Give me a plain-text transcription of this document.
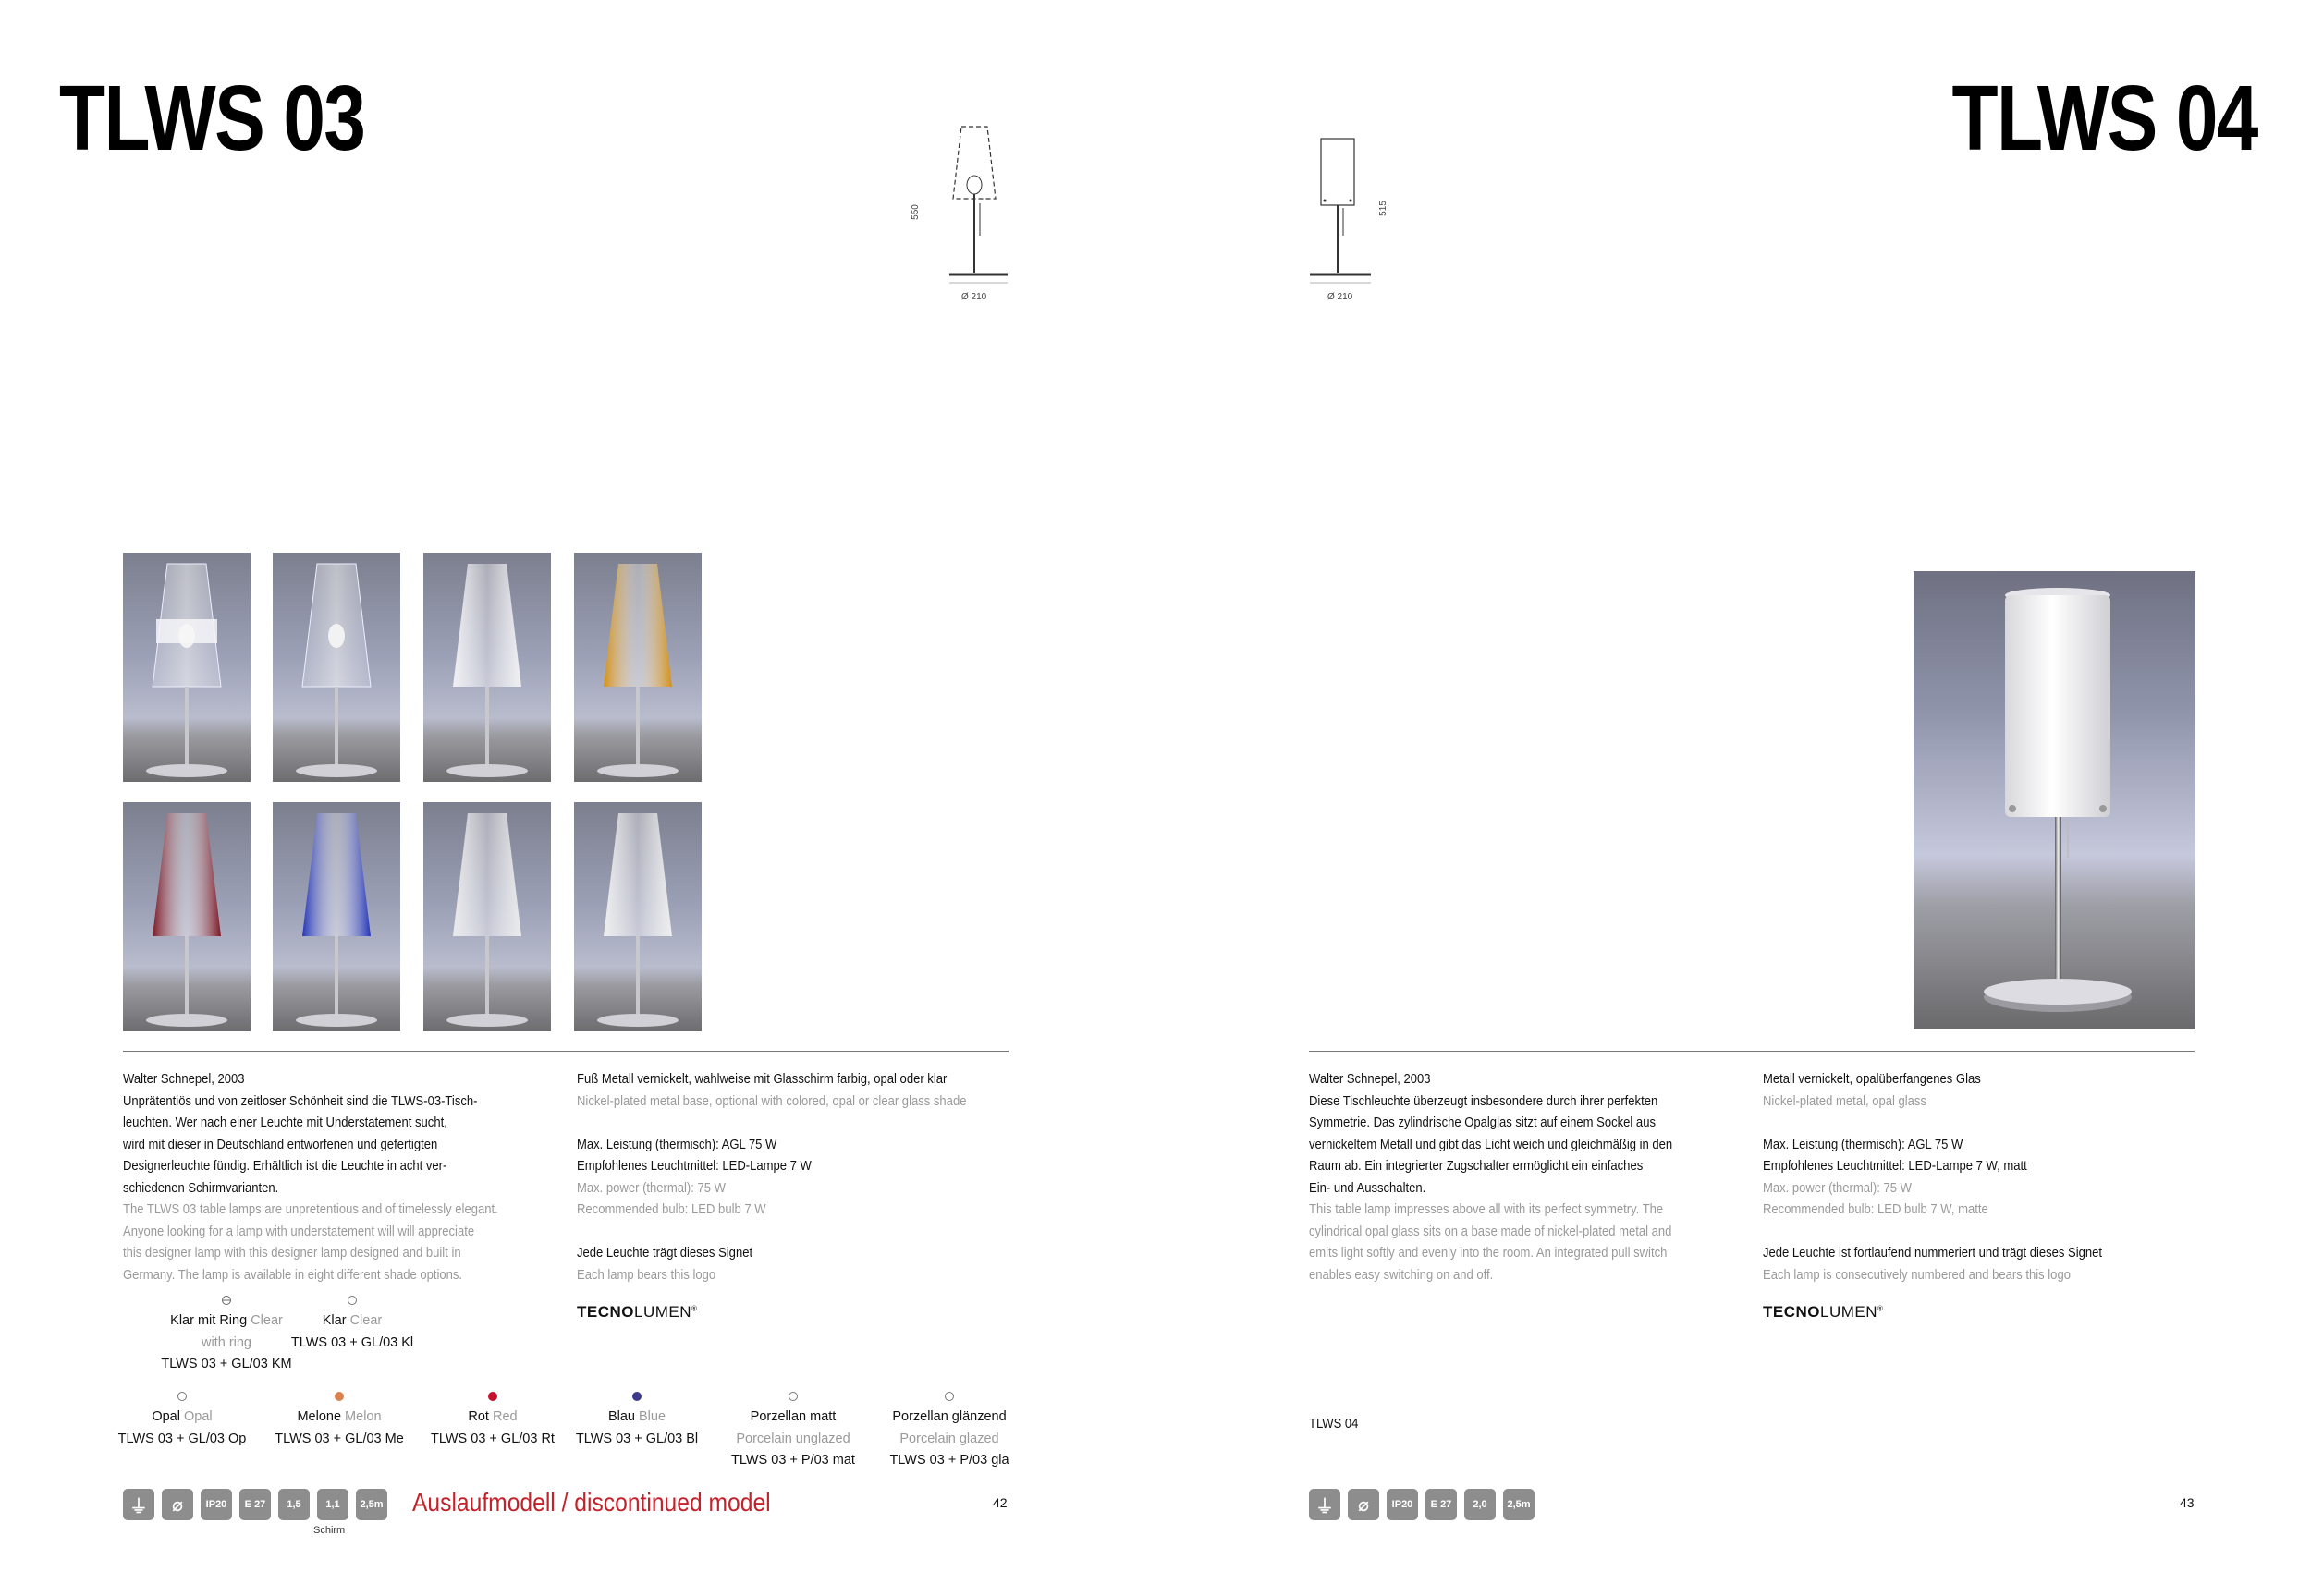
TLWS 03
550
Ø 210
Walter Schnepel, 2003
Unprätentiös und von zeitloser Schönheit sind die TLWS-03-Tisch-
leuchten. Wer nach einer Leuchte mit Understatement sucht,
wird mit dieser in Deutschland entworfenen und gefertigten
Designerleuchte fündig. Erhältlich ist die Leuchte in acht ver-
schiedenen Schirmvarianten.
The TLWS 03 table lamps are unpretentious and of timelessly elegant.
Anyone looking for a lamp with understatement will will appreciate
this designer lamp with this designer lamp designed and built in
Germany. The lamp is available in eight different shade options.
Fuß Metall vernickelt, wahlweise mit Glasschirm farbig, opal oder klar
Nickel-plated metal base, optional with colored, opal or clear glass shade
Max. Leistung (thermisch): AGL 75 W
Empfohlenes Leuchtmittel: LED-Lampe 7 W
Max. power (thermal): 75 W
Recommended bulb: LED bulb 7 W
Jede Leuchte trägt dieses Signet
Each lamp bears this logo
TECNOLUMEN®
Klar mit Ring Clear with ring
TLWS 03 + GL/03 KM
Klar Clear
TLWS 03 + GL/03 Kl
Opal Opal
TLWS 03 + GL/03 Op
Melone Melon
TLWS 03 + GL/03 Me
Rot Red
TLWS 03 + GL/03 Rt
Blau Blue
TLWS 03 + GL/03 Bl
Porzellan matt Porcelain unglazed
TLWS 03 + P/03 mat
Porzellan glänzend Porcelain glazed
TLWS 03 + P/03 gla
⏚	⌀	IP20	E 27	1,5	1,1	2,5m
Schirm
Auslaufmodell / discontinued model	42
TLWS 04
515
Ø 210
Walter Schnepel, 2003
Diese Tischleuchte überzeugt insbesondere durch ihrer perfekten
Symmetrie. Das zylindrische Opalglas sitzt auf einem Sockel aus
vernickeltem Metall und gibt das Licht weich und gleichmäßig in den
Raum ab. Ein integrierter Zugschalter ermöglicht ein einfaches
Ein- und Ausschalten.
This table lamp impresses above all with its perfect symmetry. The
cylindrical opal glass sits on a base made of nickel-plated metal and
emits light softly and evenly into the room. An integrated pull switch
enables easy switching on and off.
Metall vernickelt, opalüberfangenes Glas
Nickel-plated metal, opal glass
Max. Leistung (thermisch): AGL 75 W
Empfohlenes Leuchtmittel: LED-Lampe 7 W, matt
Max. power (thermal): 75 W
Recommended bulb: LED bulb 7 W, matte
Jede Leuchte ist fortlaufend nummeriert und trägt dieses Signet
Each lamp is consecutively numbered and bears this logo
TECNOLUMEN®
TLWS 04
⏚	⌀	IP20	E 27	2,0	2,5m	43
